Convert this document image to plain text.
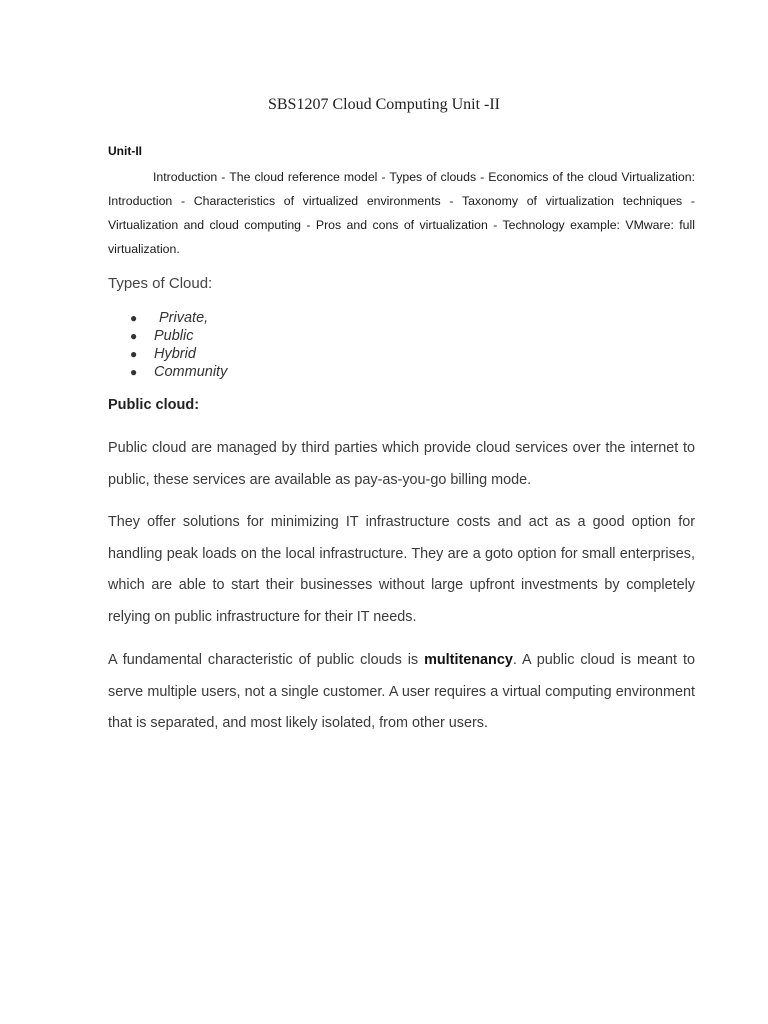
SBS1207 Cloud Computing Unit -II
Unit-II

Introduction - The cloud reference model - Types of clouds - Economics of the cloud Virtualization: Introduction - Characteristics of virtualized environments - Taxonomy of virtualization techniques - Virtualization and cloud computing - Pros and cons of virtualization - Technology example: VMware: full virtualization.

Types of Cloud:
● Private,
● Public
● Hybrid
● Community
Public cloud:

Public cloud are managed by third parties which provide cloud services over the internet to public, these services are available as pay-as-you-go billing mode.

They offer solutions for minimizing IT infrastructure costs and act as a good option for handling peak loads on the local infrastructure. They are a goto option for small enterprises, which are able to start their businesses without large upfront investments by completely relying on public infrastructure for their IT needs.

A fundamental characteristic of public clouds is multitenancy. A public cloud is meant to serve multiple users, not a single customer. A user requires a virtual computing environment that is separated, and most likely isolated, from other users.
